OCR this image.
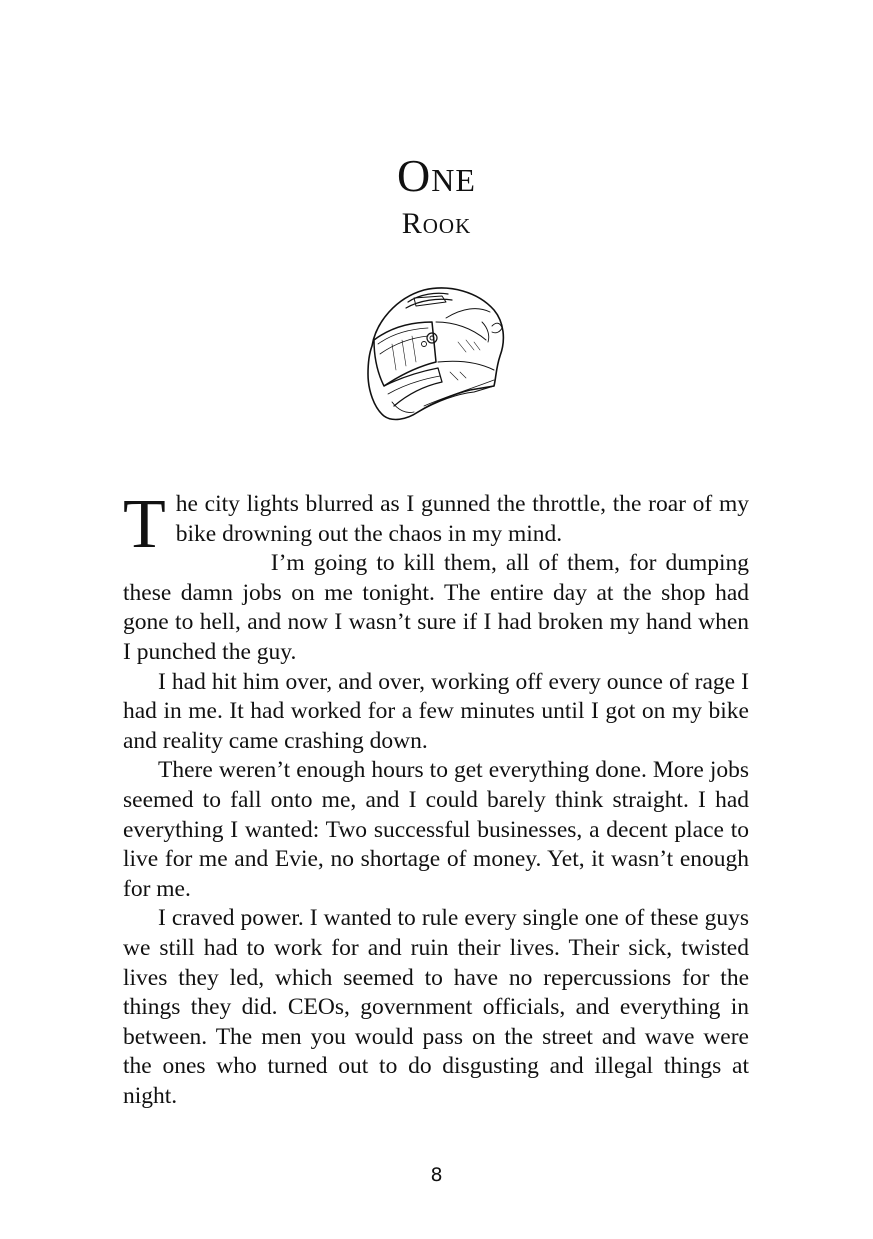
One
Rook

The city lights blurred as I gunned the throttle, the roar of my bike drowning out the chaos in my mind.

I’m going to kill them, all of them, for dumping these damn jobs on me tonight. The entire day at the shop had gone to hell, and now I wasn’t sure if I had broken my hand when I punched the guy.

I had hit him over, and over, working off every ounce of rage I had in me. It had worked for a few minutes until I got on my bike and reality came crashing down.

There weren’t enough hours to get everything done. More jobs seemed to fall onto me, and I could barely think straight. I had everything I wanted: Two successful businesses, a decent place to live for me and Evie, no shortage of money. Yet, it wasn’t enough for me.

I craved power. I wanted to rule every single one of these guys we still had to work for and ruin their lives. Their sick, twisted lives they led, which seemed to have no repercussions for the things they did. CEOs, government officials, and everything in between. The men you would pass on the street and wave were the ones who turned out to do disgusting and illegal things at night.

8
